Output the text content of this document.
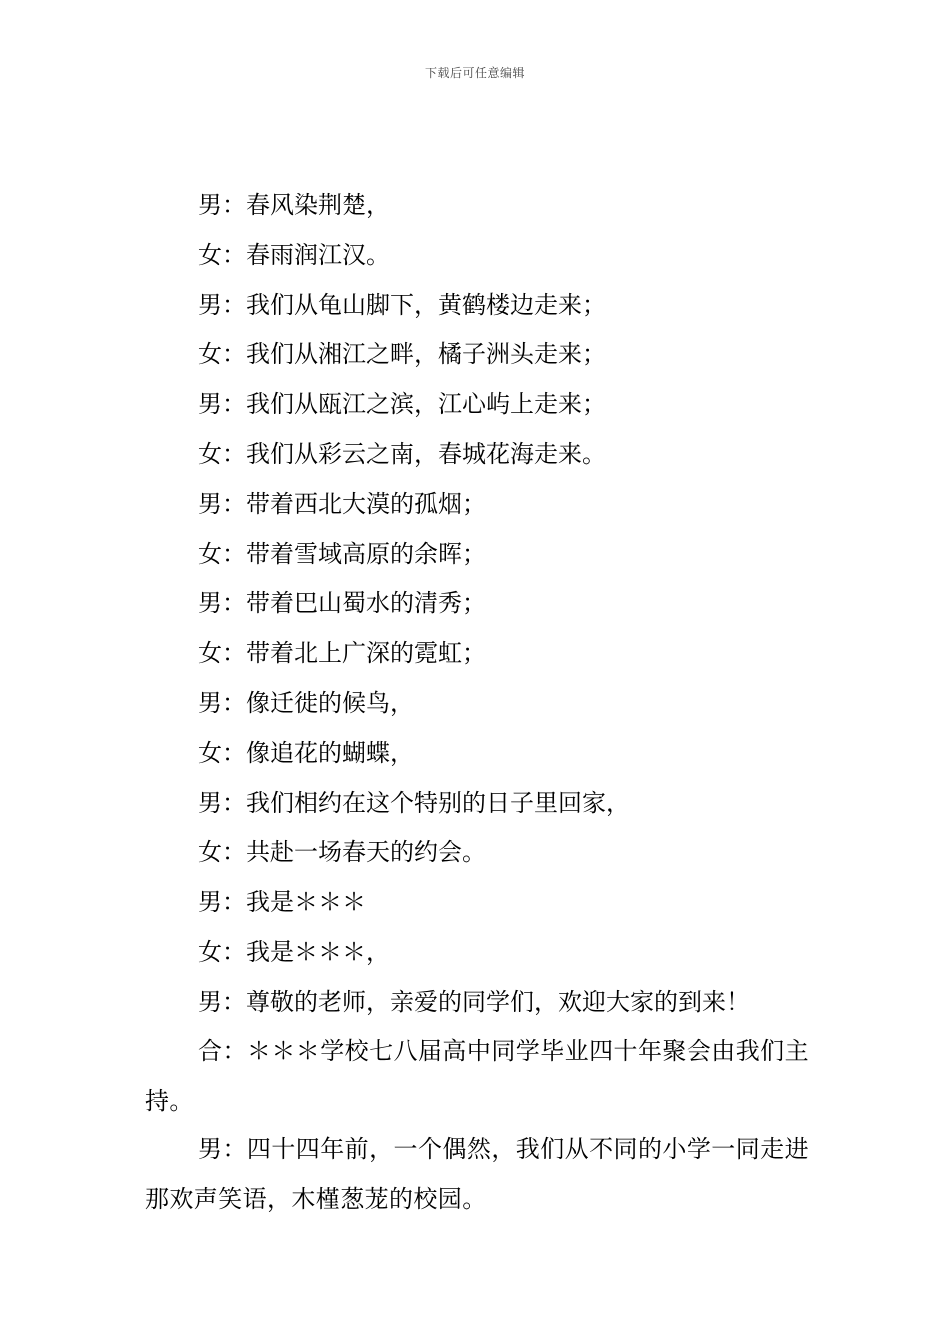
下载后可任意编辑
男：春风染荆楚，
女：春雨润江汉。
男：我们从龟山脚下，黄鹤楼边走来；
女：我们从湘江之畔，橘子洲头走来；
男：我们从瓯江之滨，江心屿上走来；
女：我们从彩云之南，春城花海走来。
男：带着西北大漠的孤烟；
女：带着雪域高原的余晖；
男：带着巴山蜀水的清秀；
女：带着北上广深的霓虹；
男：像迁徙的候鸟，
女：像追花的蝴蝶，
男：我们相约在这个特别的日子里回家，
女：共赴一场春天的约会。
男：我是＊＊＊
女：我是＊＊＊，
男：尊敬的老师，亲爱的同学们，欢迎大家的到来！

合：＊＊＊学校七八届高中同学毕业四十年聚会由我们主持。

男：四十四年前，一个偶然，我们从不同的小学一同走进那欢声笑语，木槿葱茏的校园。
